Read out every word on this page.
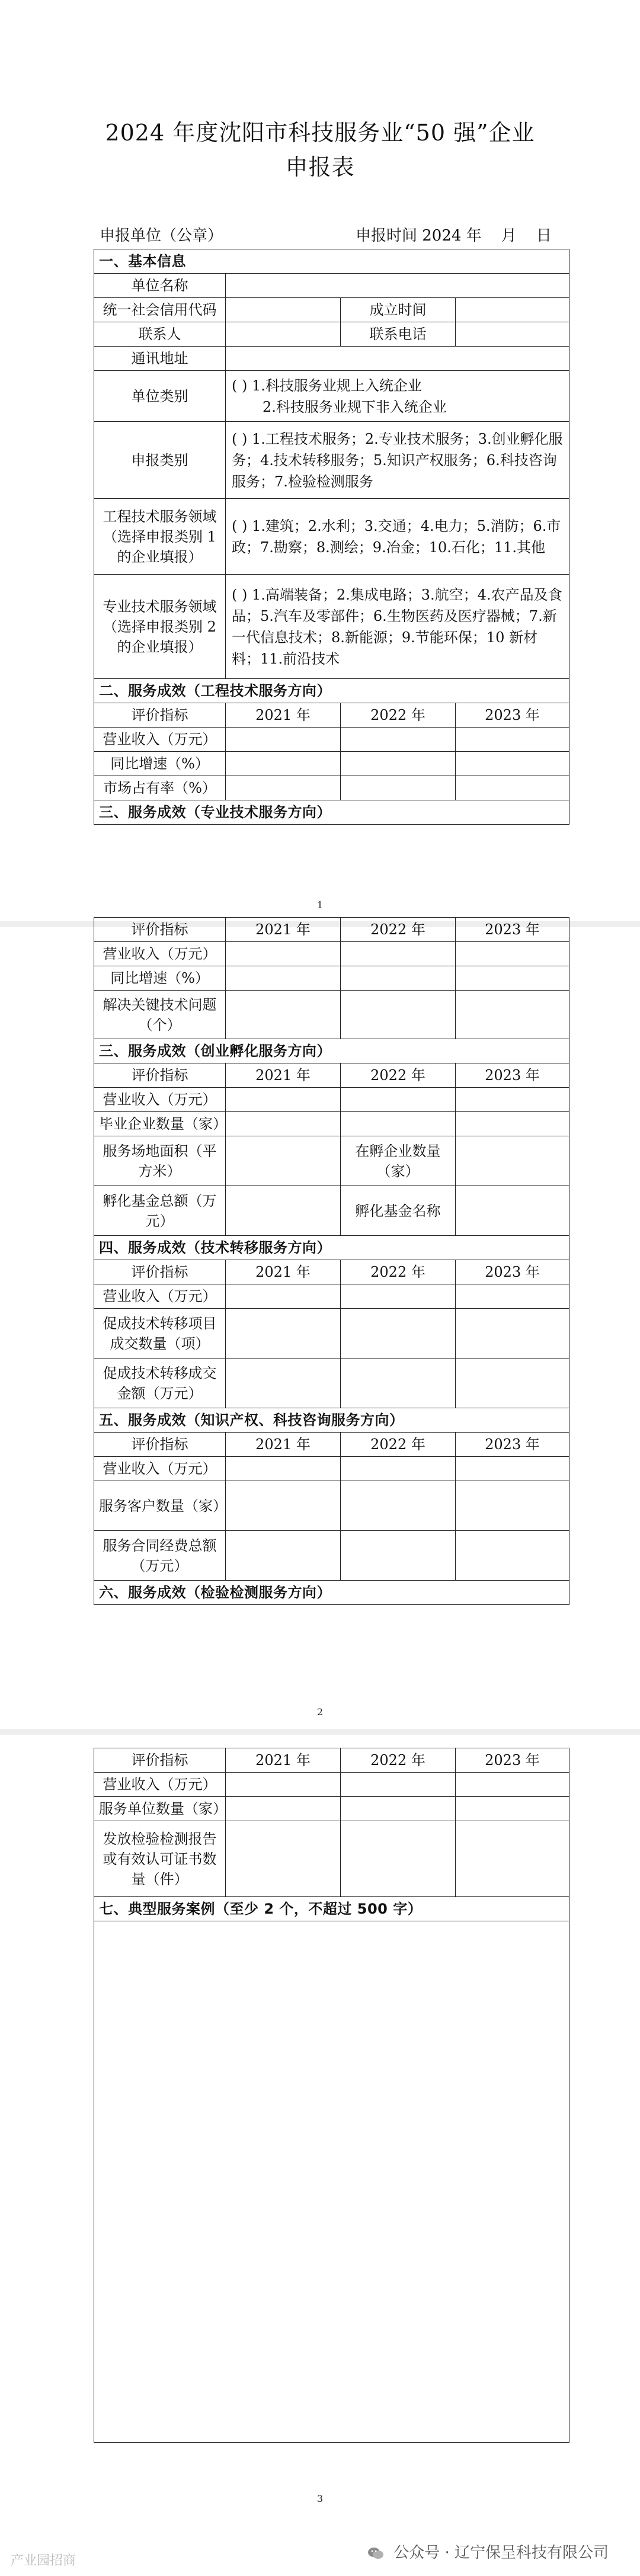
2024 年度沈阳市科技服务业“50 强”企业
申报表
申报单位（公章）	申报时间 2024 年    月    日
一、基本信息			
单位名称			
统一社会信用代码		成立时间	
联系人		联系电话	
通讯地址			
单位类别	( ) 1.科技服务业规上入统企业
2.科技服务业规下非入统企业		

申报类别	( ) 1.工程技术服务；2.专业技术服务；3.创业孵化服务；4.技术转移服务；5.知识产权服务；6.科技咨询服务；7.检验检测服务		
工程技术服务领域（选择申报类别 1 的企业填报）	( ) 1.建筑；2.水利；3.交通；4.电力；5.消防；6.市政；7.勘察；8.测绘；9.冶金；10.石化；11.其他		
专业技术服务领域（选择申报类别 2 的企业填报）	( ) 1.高端装备；2.集成电路；3.航空；4.农产品及食品；5.汽车及零部件；6.生物医药及医疗器械；7.新一代信息技术；8.新能源；9.节能环保；10 新材料；11.前沿技术		
二、服务成效（工程技术服务方向）			
评价指标	2021 年	2022 年	2023 年
营业收入（万元）			
同比增速（%）			
市场占有率（%）			
三、服务成效（专业技术服务方向）			
1
评价指标	2021 年	2022 年	2023 年
营业收入（万元）			
同比增速（%）			
解决关键技术问题（个）			
三、服务成效（创业孵化服务方向）			
评价指标	2021 年	2022 年	2023 年
营业收入（万元）			
毕业企业数量（家）			
服务场地面积（平方米）		在孵企业数量（家）	
孵化基金总额（万元）		孵化基金名称	
四、服务成效（技术转移服务方向）			
评价指标	2021 年	2022 年	2023 年
营业收入（万元）			
促成技术转移项目成交数量（项）			
促成技术转移成交金额（万元）			
五、服务成效（知识产权、科技咨询服务方向）			
评价指标	2021 年	2022 年	2023 年
营业收入（万元）			
服务客户数量（家）			
服务合同经费总额（万元）			
六、服务成效（检验检测服务方向）			
2
评价指标	2021 年	2022 年	2023 年
营业收入（万元）			
服务单位数量（家）			
发放检验检测报告或有效认可证书数量（件）			
七、典型服务案例（至少 2 个，不超过 500 字）			

3
公众号 · 辽宁保呈科技有限公司
产业园招商
